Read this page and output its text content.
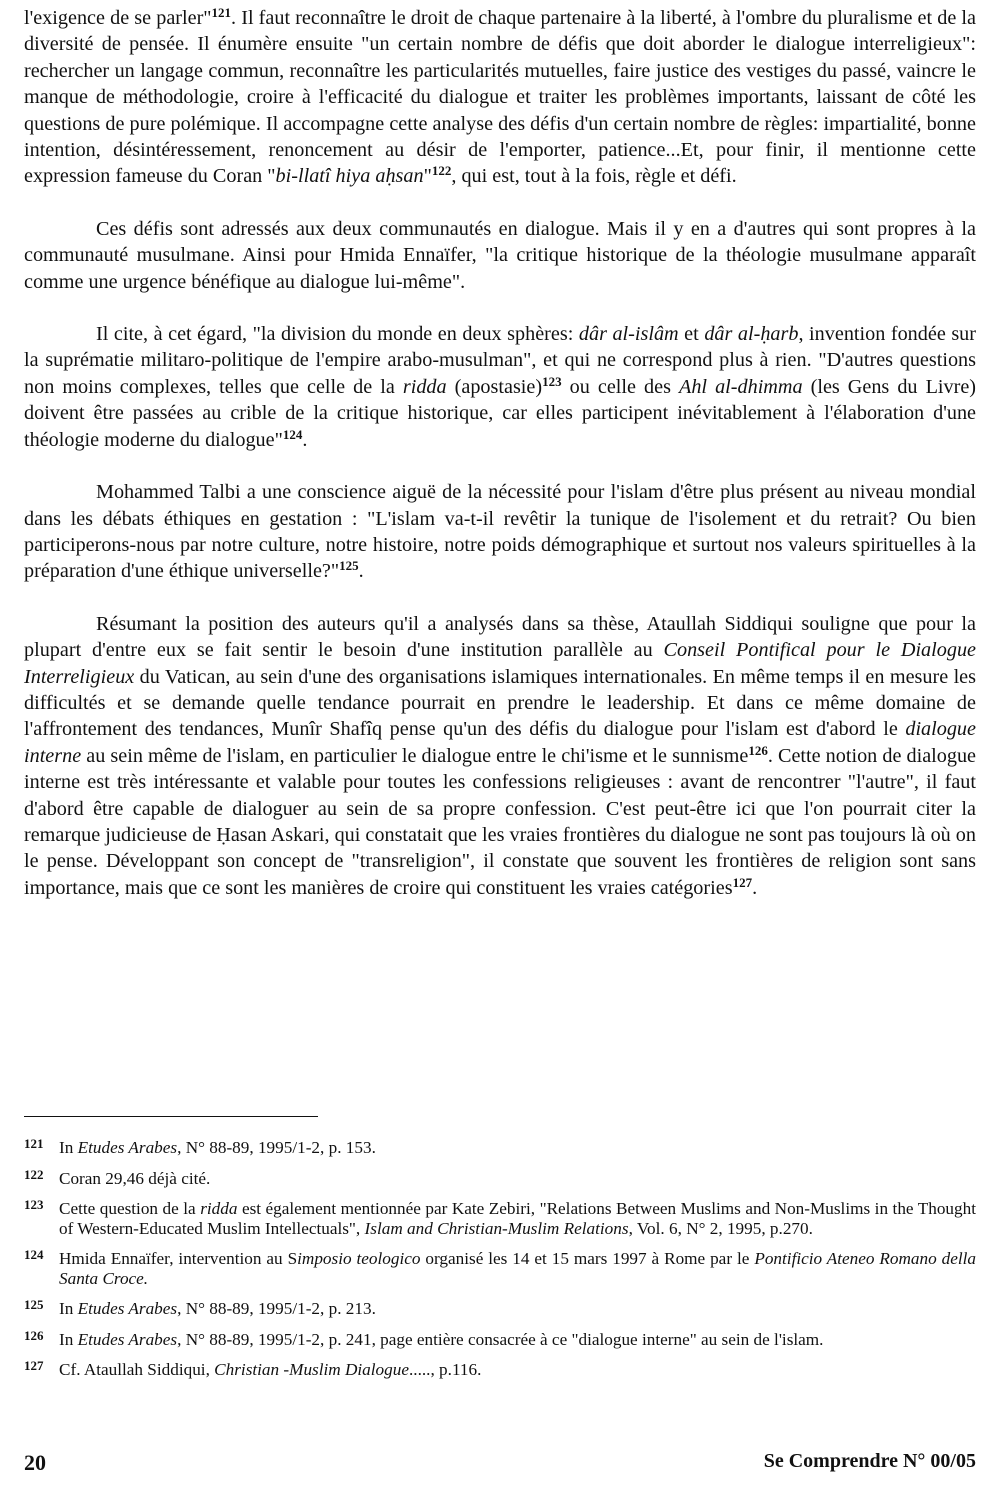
l'exigence de se parler"$^{121}$. Il faut reconnaître le droit de chaque partenaire à la liberté, à l'ombre du pluralisme et de la diversité de pensée. Il énumère ensuite "un certain nombre de défis que doit aborder le dialogue interreligieux": rechercher un langage commun, reconnaître les particularités mutuelles, faire justice des vestiges du passé, vaincre le manque de méthodologie, croire à l'efficacité du dialogue et traiter les problèmes importants, laissant de côté les questions de pure polémique. Il accompagne cette analyse des défis d'un certain nombre de règles: impartialité, bonne intention, désintéressement, renoncement au désir de l'emporter, patience...Et, pour finir, il mentionne cette expression fameuse du Coran "bi-llatî hiya aḥsan"$^{122}$, qui est, tout à la fois, règle et défi.

Ces défis sont adressés aux deux communautés en dialogue. Mais il y en a d'autres qui sont propres à la communauté musulmane. Ainsi pour Hmida Ennaïfer, "la critique historique de la théologie musulmane apparaît comme une urgence bénéfique au dialogue lui-même".

Il cite, à cet égard, "la division du monde en deux sphères: dâr al-islâm et dâr al-ḥarb, invention fondée sur la suprématie militaro-politique de l'empire arabo-musulman", et qui ne correspond plus à rien. "D'autres questions non moins complexes, telles que celle de la ridda (apostasie)$^{123}$ ou celle des Ahl al-dhimma (les Gens du Livre) doivent être passées au crible de la critique historique, car elles participent inévitablement à l'élaboration d'une théologie moderne du dialogue"$^{124}$.

Mohammed Talbi a une conscience aiguë de la nécessité pour l'islam d'être plus présent au niveau mondial dans les débats éthiques en gestation : "L'islam va-t-il revêtir la tunique de l'isolement et du retrait? Ou bien participerons-nous par notre culture, notre histoire, notre poids démographique et surtout nos valeurs spirituelles à la préparation d'une éthique universelle?"$^{125}$.

Résumant la position des auteurs qu'il a analysés dans sa thèse, Ataullah Siddiqui souligne que pour la plupart d'entre eux se fait sentir le besoin d'une institution parallèle au Conseil Pontifical pour le Dialogue Interreligieux du Vatican, au sein d'une des organisations islamiques internationales. En même temps il en mesure les difficultés et se demande quelle tendance pourrait en prendre le leadership. Et dans ce même domaine de l'affrontement des tendances, Munîr Shafîq pense qu'un des défis du dialogue pour l'islam est d'abord le dialogue interne au sein même de l'islam, en particulier le dialogue entre le chi'isme et le sunnisme$^{126}$. Cette notion de dialogue interne est très intéressante et valable pour toutes les confessions religieuses : avant de rencontrer "l'autre", il faut d'abord être capable de dialoguer au sein de sa propre confession. C'est peut-être ici que l'on pourrait citer la remarque judicieuse de Ḥasan Askari, qui constatait que les vraies frontières du dialogue ne sont pas toujours là où on le pense. Développant son concept de "transreligion", il constate que souvent les frontières de religion sont sans importance, mais que ce sont les manières de croire qui constituent les vraies catégories$^{127}$.

121 In Etudes Arabes, N° 88-89, 1995/1-2, p. 153.
122 Coran 29,46 déjà cité.
123 Cette question de la ridda est également mentionnée par Kate Zebiri, "Relations Between Muslims and Non-Muslims in the Thought of Western-Educated Muslim Intellectuals", Islam and Christian-Muslim Relations, Vol. 6, N° 2, 1995, p.270.
124 Hmida Ennaïfer, intervention au Simposio teologico organisé les 14 et 15 mars 1997 à Rome par le Pontificio Ateneo Romano della Santa Croce.
125 In Etudes Arabes, N° 88-89, 1995/1-2, p. 213.
126 In Etudes Arabes, N° 88-89, 1995/1-2, p. 241, page entière consacrée à ce "dialogue interne" au sein de l'islam.
127 Cf. Ataullah Siddiqui, Christian -Muslim Dialogue....., p.116.
20	Se Comprendre N° 00/05
